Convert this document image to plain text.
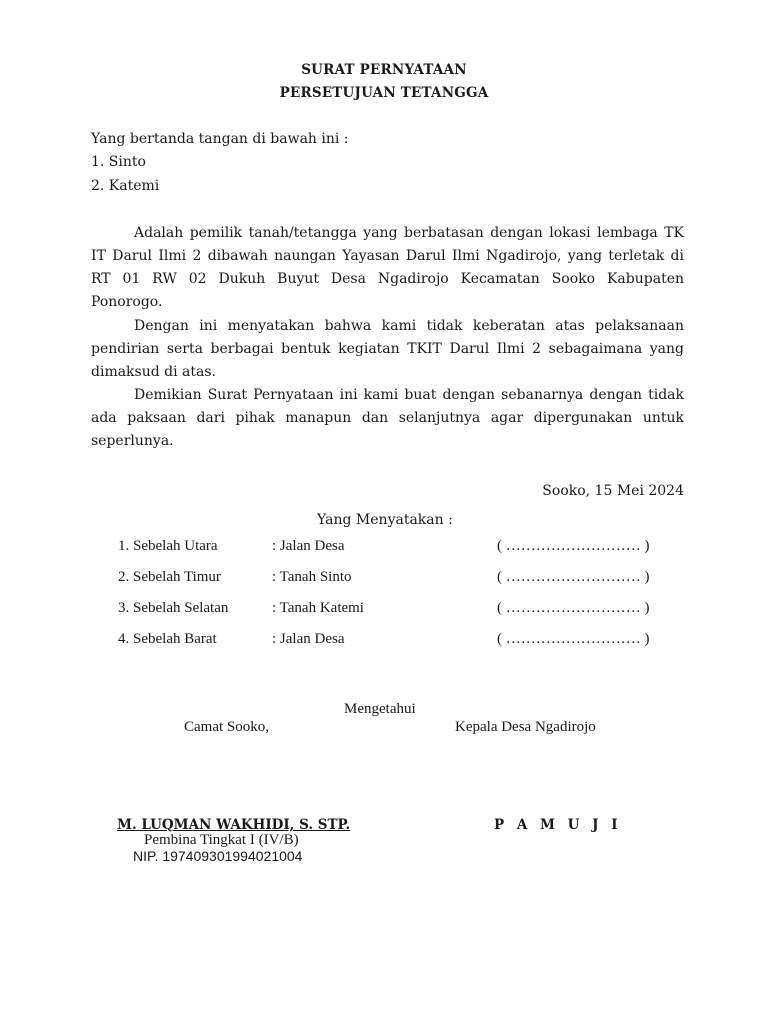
SURAT PERNYATAAN
PERSETUJUAN TETANGGA
Yang bertanda tangan di bawah ini :
1. Sinto
2. Katemi

Adalah pemilik tanah/tetangga yang berbatasan dengan lokasi lembaga TK IT Darul Ilmi 2 dibawah naungan Yayasan Darul Ilmi Ngadirojo, yang terletak di RT 01 RW 02 Dukuh Buyut Desa Ngadirojo Kecamatan Sooko Kabupaten Ponorogo.

Dengan ini menyatakan bahwa kami tidak keberatan atas pelaksanaan pendirian serta berbagai bentuk kegiatan TKIT Darul Ilmi 2 sebagaimana yang dimaksud di atas.

Demikian Surat Pernyataan ini kami buat dengan sebanarnya dengan tidak ada paksaan dari pihak manapun dan selanjutnya agar dipergunakan untuk seperlunya.

Sooko, 15 Mei 2024
Yang Menyatakan :
1. Sebelah Utara	: Jalan Desa	( ……………………… )
2. Sebelah Timur	: Tanah Sinto	( ……………………… )
3. Sebelah Selatan	: Tanah Katemi	( ……………………… )
4. Sebelah Barat	: Jalan Desa	( ……………………… )
Mengetahui
Camat Sooko,	Kepala Desa Ngadirojo
M. LUQMAN WAKHIDI, S. STP.	P A M U J I
Pembina Tingkat I (IV/B)
NIP. 197409301994021004
